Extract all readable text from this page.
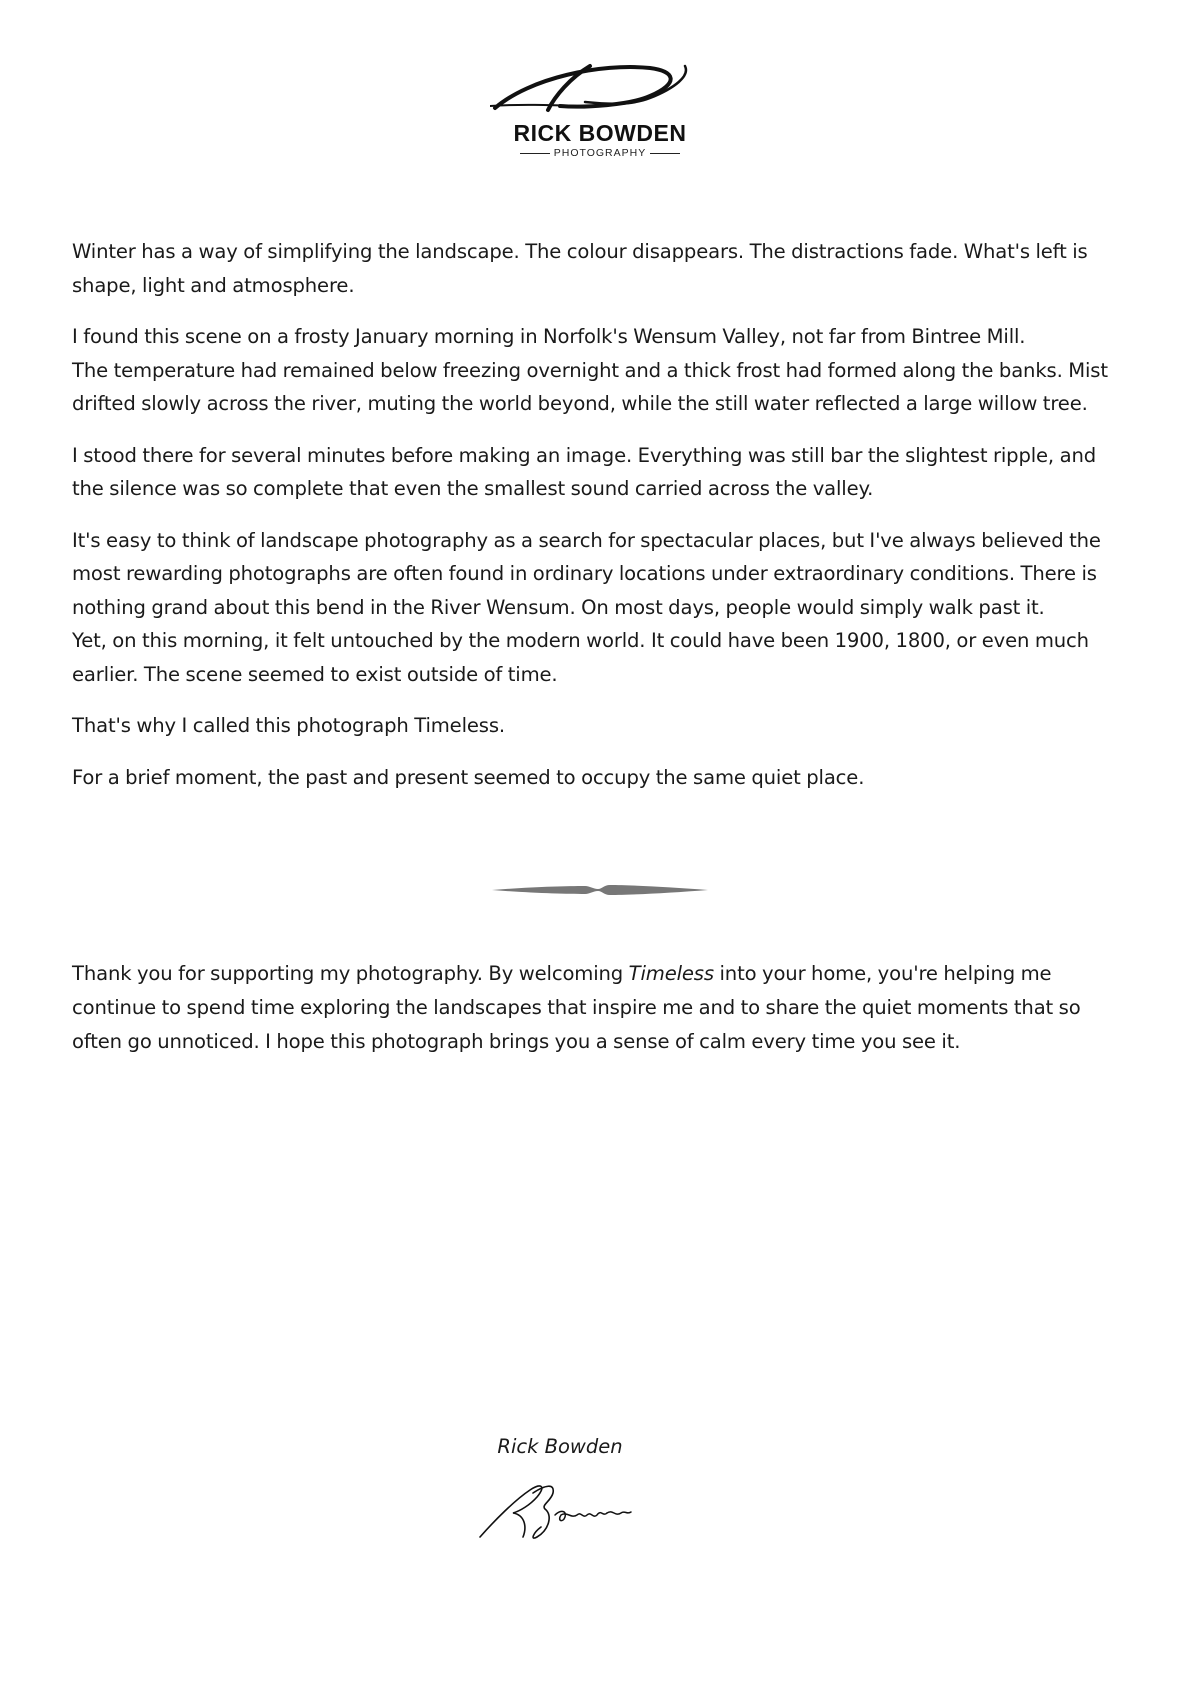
RICK BOWDEN
PHOTOGRAPHY

Winter has a way of simplifying the landscape. The colour disappears. The distractions fade. What's left is shape, light and atmosphere.

I found this scene on a frosty January morning in Norfolk's Wensum Valley, not far from Bintree Mill.
The temperature had remained below freezing overnight and a thick frost had formed along the banks. Mist drifted slowly across the river, muting the world beyond, while the still water reflected a large willow tree.

I stood there for several minutes before making an image. Everything was still bar the slightest ripple, and the silence was so complete that even the smallest sound carried across the valley.

It's easy to think of landscape photography as a search for spectacular places, but I've always believed the most rewarding photographs are often found in ordinary locations under extraordinary conditions. There is nothing grand about this bend in the River Wensum. On most days, people would simply walk past it.
Yet, on this morning, it felt untouched by the modern world. It could have been 1900, 1800, or even much earlier. The scene seemed to exist outside of time.

That's why I called this photograph Timeless.

For a brief moment, the past and present seemed to occupy the same quiet place.

Thank you for supporting my photography. By welcoming Timeless into your home, you're helping me continue to spend time exploring the landscapes that inspire me and to share the quiet moments that so often go unnoticed. I hope this photograph brings you a sense of calm every time you see it.

Rick Bowden
